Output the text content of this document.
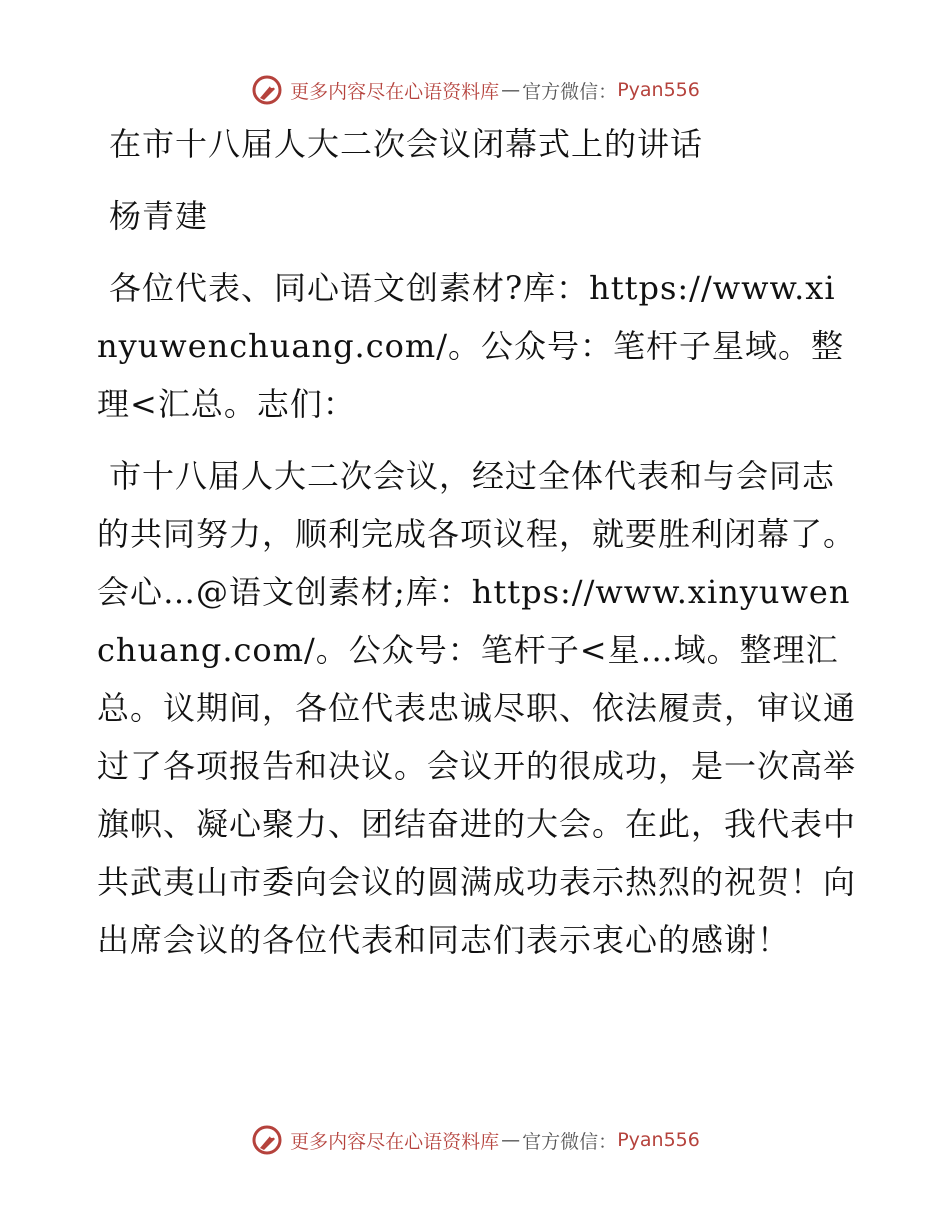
更多内容尽在心语资料库 — 官方微信： Pyan556

在市十八届人大二次会议闭幕式上的讲话

杨青建

各位代表、同心语文创素材?库：https://www.xinyuwenchuang.com/。公众号：笔杆子星域。整理<汇总。志们：

市十八届人大二次会议，经过全体代表和与会同志的共同努力，顺利完成各项议程，就要胜利闭幕了。会心…@语文创素材;库：https://www.xinyuwenchuang.com/。公众号：笔杆子<星…域。整理汇总。议期间，各位代表忠诚尽职、依法履责，审议通过了各项报告和决议。会议开的很成功，是一次高举旗帜、凝心聚力、团结奋进的大会。在此，我代表中共武夷山市委向会议的圆满成功表示热烈的祝贺！向出席会议的各位代表和同志们表示衷心的感谢！

更多内容尽在心语资料库 — 官方微信： Pyan556
